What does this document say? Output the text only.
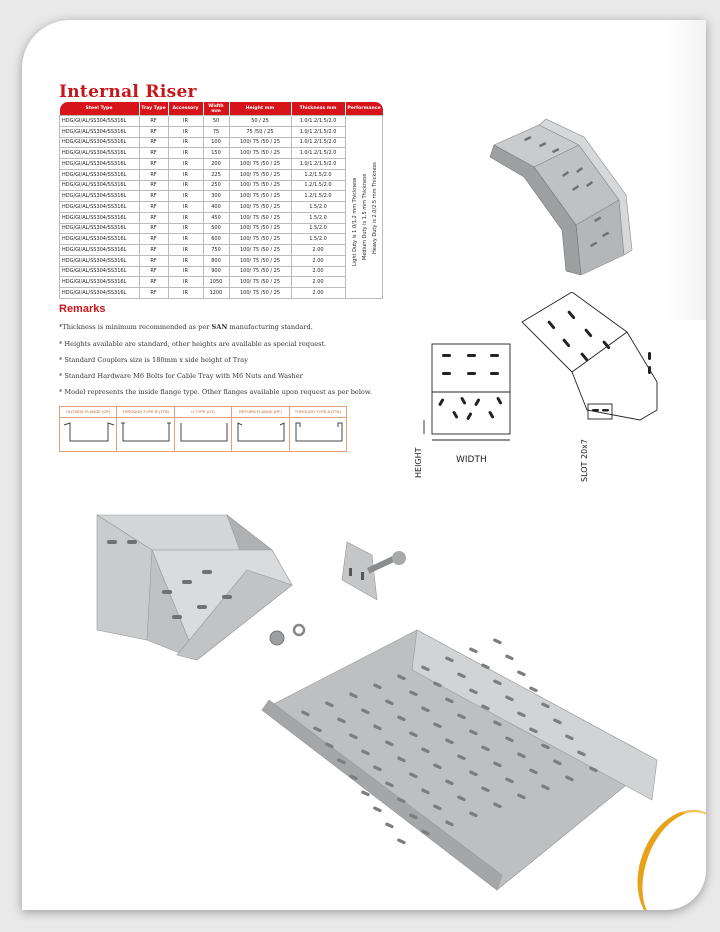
Internal Riser
Steel Type	Tray Type	Accessory	Width mm	Height mm	Thickness mm	Performance
HDG/GI/AL/SS304/SS316L	RF	IR	50	50 / 25	1.0/1.2/1.5/2.0	Light Duty is 1.0/1.2 mm Thickness Medium Duty is 1.5 mm Thickness Heavy Duty is 2.0/2.5 mm Thickness

HDG/GI/AL/SS304/SS316L	RF	IR	75	75 /50 / 25	1.0/1.2/1.5/2.0	
HDG/GI/AL/SS304/SS316L	RF	IR	100	100/ 75 /50 / 25	1.0/1.2/1.5/2.0	
HDG/GI/AL/SS304/SS316L	RF	IR	150	100/ 75 /50 / 25	1.0/1.2/1.5/2.0	
HDG/GI/AL/SS304/SS316L	RF	IR	200	100/ 75 /50 / 25	1.0/1.2/1.5/2.0	
HDG/GI/AL/SS304/SS316L	RF	IR	225	100/ 75 /50 / 25	1.2/1.5/2.0	
HDG/GI/AL/SS304/SS316L	RF	IR	250	100/ 75 /50 / 25	1.2/1.5/2.0	
HDG/GI/AL/SS304/SS316L	RF	IR	300	100/ 75 /50 / 25	1.2/1.5/2.0	
HDG/GI/AL/SS304/SS316L	RF	IR	400	100/ 75 /50 / 25	1.5/2.0	
HDG/GI/AL/SS304/SS316L	RF	IR	450	100/ 75 /50 / 25	1.5/2.0	
HDG/GI/AL/SS304/SS316L	RF	IR	500	100/ 75 /50 / 25	1.5/2.0	
HDG/GI/AL/SS304/SS316L	RF	IR	600	100/ 75 /50 / 25	1.5/2.0	
HDG/GI/AL/SS304/SS316L	RF	IR	750	100/ 75 /50 / 25	2.00	
HDG/GI/AL/SS304/SS316L	RF	IR	800	100/ 75 /50 / 25	2.00	
HDG/GI/AL/SS304/SS316L	RF	IR	900	100/ 75 /50 / 25	2.00	
HDG/GI/AL/SS304/SS316L	RF	IR	1050	100/ 75 /50 / 25	2.00	
HDG/GI/AL/SS304/SS316L	RF	IR	1200	100/ 75 /50 / 25	2.00	
Remarks
*Thickness is minimum recommended as per SAN manufacturing standard.
* Heights available are standard, other heights are available as special request.
* Standard Couplers size is 180mm x side height of Tray
* Standard Hardware M6 Bolts for Cable Tray with M6 Nuts and Washer
* Model represents the inside flange type. Other flanges available upon request as per below.
OUTSIDE FLANGE (OF)	THROUGH TYPE B (TTB)	U TYPE (UT)	RETURN FLANGE (RF)	THROUGH TYPE A (TTA)
HEIGHT	WIDTH	SLOT 20x7
